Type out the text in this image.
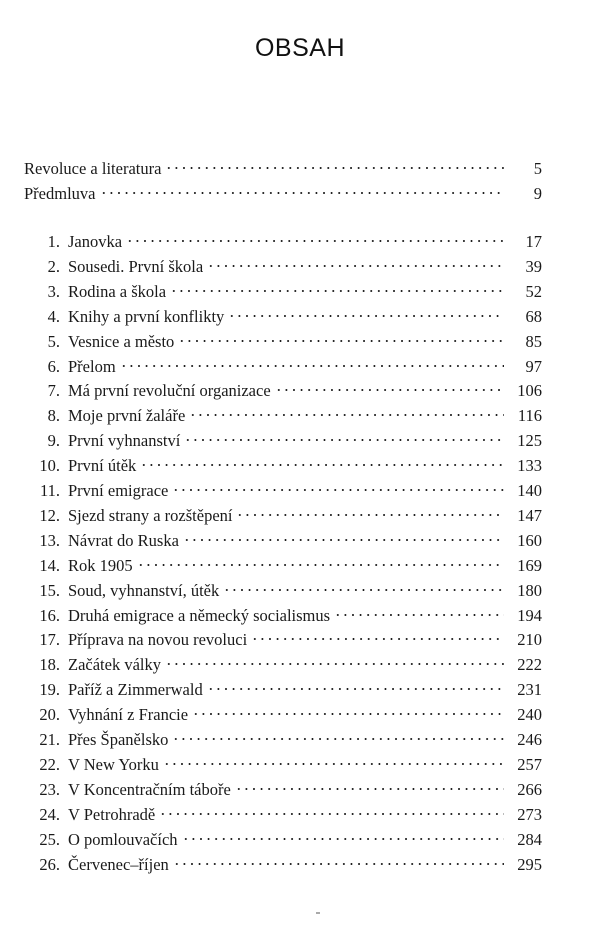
OBSAH
Revoluce a literatura	5
Předmluva	9
1. Janovka	17
2. Sousedi. První škola	39
3. Rodina a škola	52
4. Knihy a první konflikty	68
5. Vesnice a město	85
6. Přelom	97
7. Má první revoluční organizace	106
8. Moje první žaláře	116
9. První vyhnanství	125
10. První útěk	133
11. První emigrace	140
12. Sjezd strany a rozštěpení	147
13. Návrat do Ruska	160
14. Rok 1905	169
15. Soud, vyhnanství, útěk	180
16. Druhá emigrace a německý socialismus	194
17. Příprava na novou revoluci	210
18. Začátek války	222
19. Paříž a Zimmerwald	231
20. Vyhnání z Francie	240
21. Přes Španělsko	246
22. V New Yorku	257
23. V Koncentračním táboře	266
24. V Petrohradě	273
25. O pomlouvačích	284
26. Červenec–říjen	295
